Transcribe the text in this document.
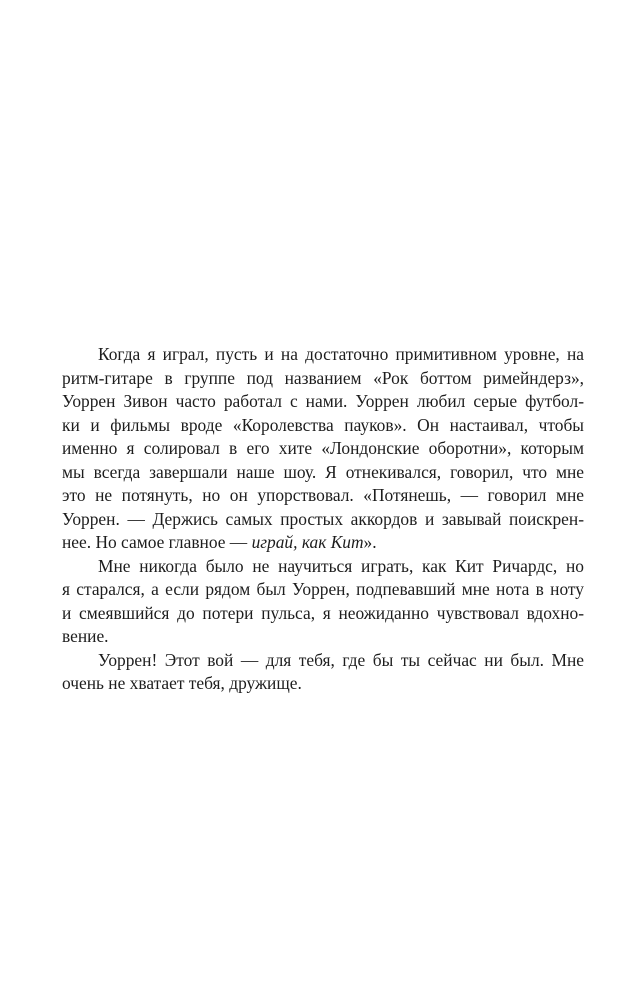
Когда я играл, пусть и на достаточно примитивном уровне, на
ритм-гитаре в группе под названием «Рок боттом римейндерз»,
Уоррен Зивон часто работал с нами. Уоррен любил серые футбол-
ки и фильмы вроде «Королевства пауков». Он настаивал, чтобы
именно я солировал в его хите «Лондонские оборотни», которым
мы всегда завершали наше шоу. Я отнекивался, говорил, что мне
это не потянуть, но он упорствовал. «Потянешь, — говорил мне
Уоррен. — Держись самых простых аккордов и завывай поискрен-
нее. Но самое главное — играй, как Кит».
Мне никогда было не научиться играть, как Кит Ричардс, но
я старался, а если рядом был Уоррен, подпевавший мне нота в ноту
и смеявшийся до потери пульса, я неожиданно чувствовал вдохно-
вение.
Уоррен! Этот вой — для тебя, где бы ты сейчас ни был. Мне
очень не хватает тебя, дружище.
